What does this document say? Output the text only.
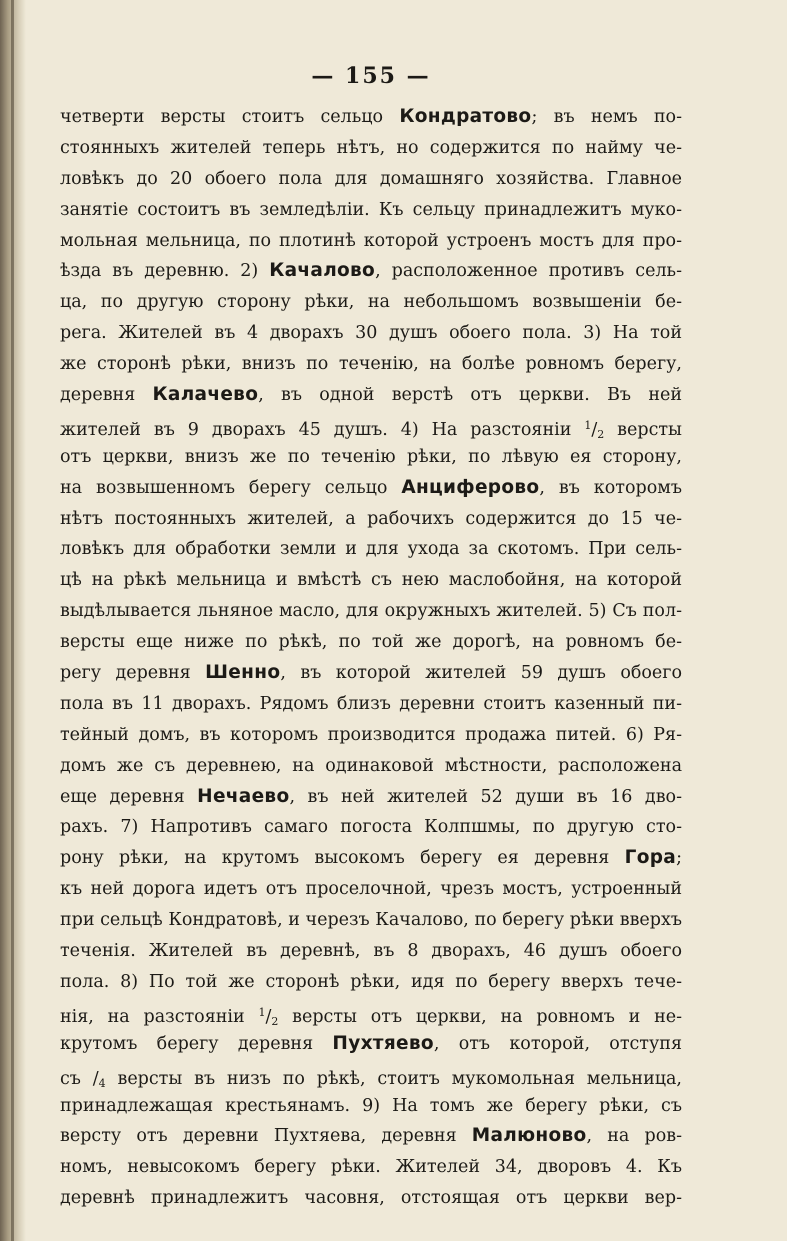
— 155 —
четверти версты стоитъ сельцо Кондратово; въ немъ по-
стоянныхъ жителей теперь нѣтъ, но содержится по найму че-
ловѣкъ до 20 обоего пола для домашняго хозяйства. Главное
занятіе состоитъ въ земледѣліи. Къ сельцу принадлежитъ муко-
мольная мельница, по плотинѣ которой устроенъ мостъ для про-
ѣзда въ деревню. 2) Качалово, расположенное противъ сель-
ца, по другую сторону рѣки, на небольшомъ возвышеніи бе-
рега. Жителей въ 4 дворахъ 30 душъ обоего пола. 3) На той
же сторонѣ рѣки, внизъ по теченію, на болѣе ровномъ берегу,
деревня Калачево, въ одной верстѣ отъ церкви. Въ ней
жителей въ 9 дворахъ 45 душъ. 4) На разстояніи $^1/_2$ версты
отъ церкви, внизъ же по теченію рѣки, по лѣвую ея сторону,
на возвышенномъ берегу сельцо Анциферово, въ которомъ
нѣтъ постоянныхъ жителей, а рабочихъ содержится до 15 че-
ловѣкъ для обработки земли и для ухода за скотомъ. При сель-
цѣ на рѣкѣ мельница и вмѣстѣ съ нею маслобойня, на которой
выдѣлывается льняное масло, для окружныхъ жителей. 5) Съ пол-
версты еще ниже по рѣкѣ, по той же дорогѣ, на ровномъ бе-
регу деревня Шенно, въ которой жителей 59 душъ обоего
пола въ 11 дворахъ. Рядомъ близъ деревни стоитъ казенный пи-
тейный домъ, въ которомъ производится продажа питей. 6) Ря-
домъ же съ деревнею, на одинаковой мѣстности, расположена
еще деревня Нечаево, въ ней жителей 52 души въ 16 дво-
рахъ. 7) Напротивъ самаго погоста Колпшмы, по другую сто-
рону рѣки, на крутомъ высокомъ берегу ея деревня Гора;
къ ней дорога идетъ отъ проселочной, чрезъ мостъ, устроенный
при сельцѣ Кондратовѣ, и черезъ Качалово, по берегу рѣки вверхъ
теченія. Жителей въ деревнѣ, въ 8 дворахъ, 46 душъ обоего
пола. 8) По той же сторонѣ рѣки, идя по берегу вверхъ тече-
нія, на разстояніи $^1/_2$ версты отъ церкви, на ровномъ и не-
крутомъ берегу деревня Пухтяево, отъ которой, отступя
съ $/_4$ версты въ низъ по рѣкѣ, стоитъ мукомольная мельница,
принадлежащая крестьянамъ. 9) На томъ же берегу рѣки, съ
версту отъ деревни Пухтяева, деревня Малюново, на ров-
номъ, невысокомъ берегу рѣки. Жителей 34, дворовъ 4. Къ
деревнѣ принадлежитъ часовня, отстоящая отъ церкви вер-
